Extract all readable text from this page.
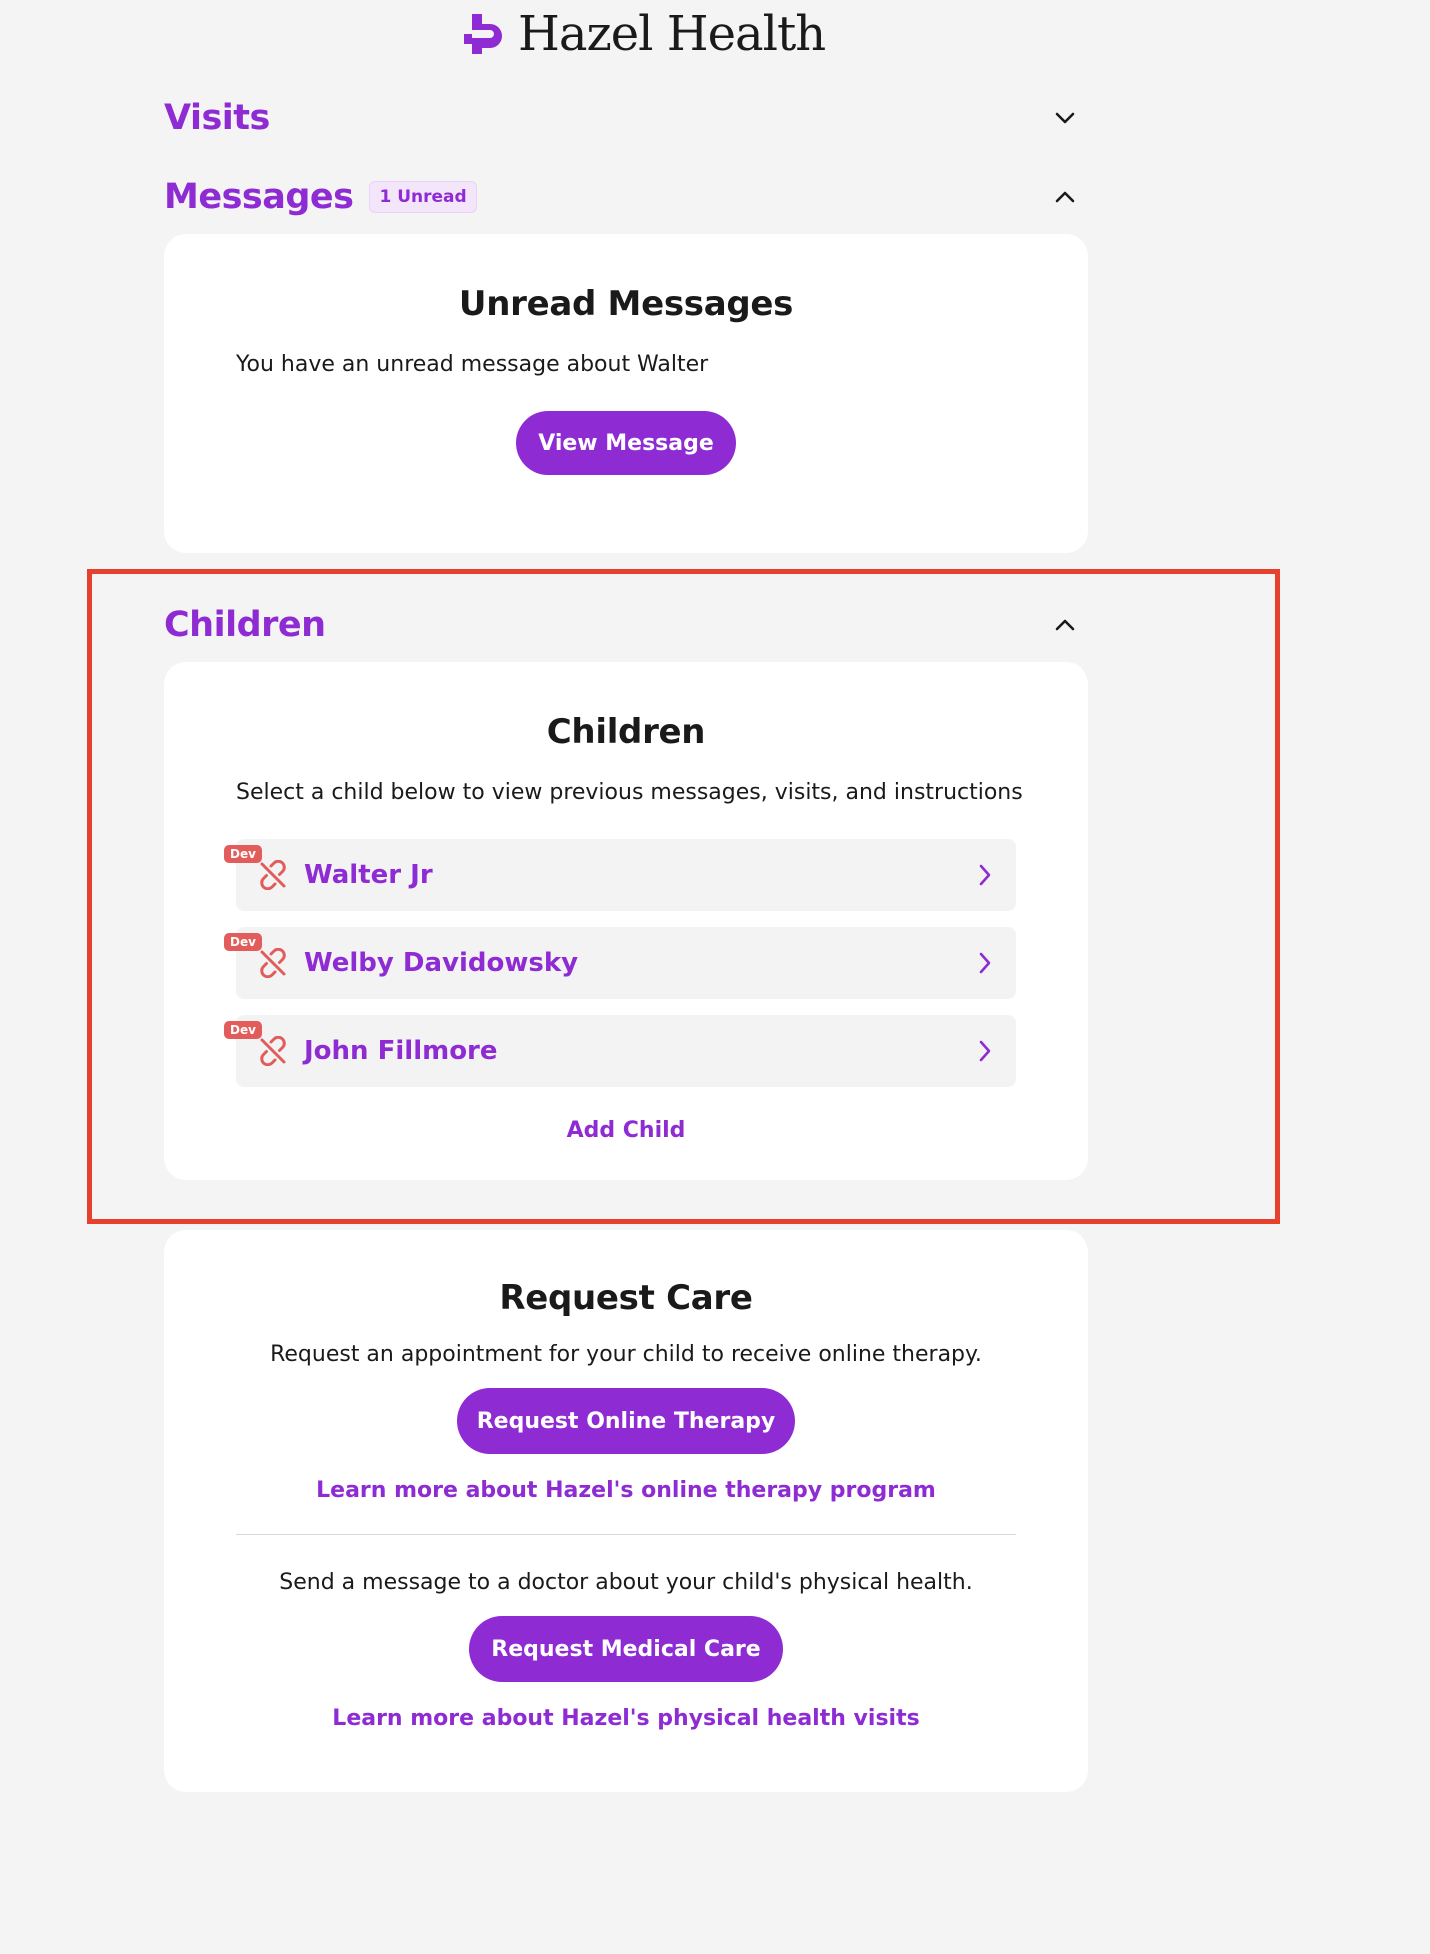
Hazel Health
Visits
Messages	1 Unread
Unread Messages
You have an unread message about Walter
View Message
Children
Children
Select a child below to view previous messages, visits, and instructions
Dev
Walter Jr
Dev
Welby Davidowsky
Dev
John Fillmore
Add Child
Request Care
Request an appointment for your child to receive online therapy.
Request Online Therapy
Learn more about Hazel's online therapy program
Send a message to a doctor about your child's physical health.
Request Medical Care
Learn more about Hazel's physical health visits
